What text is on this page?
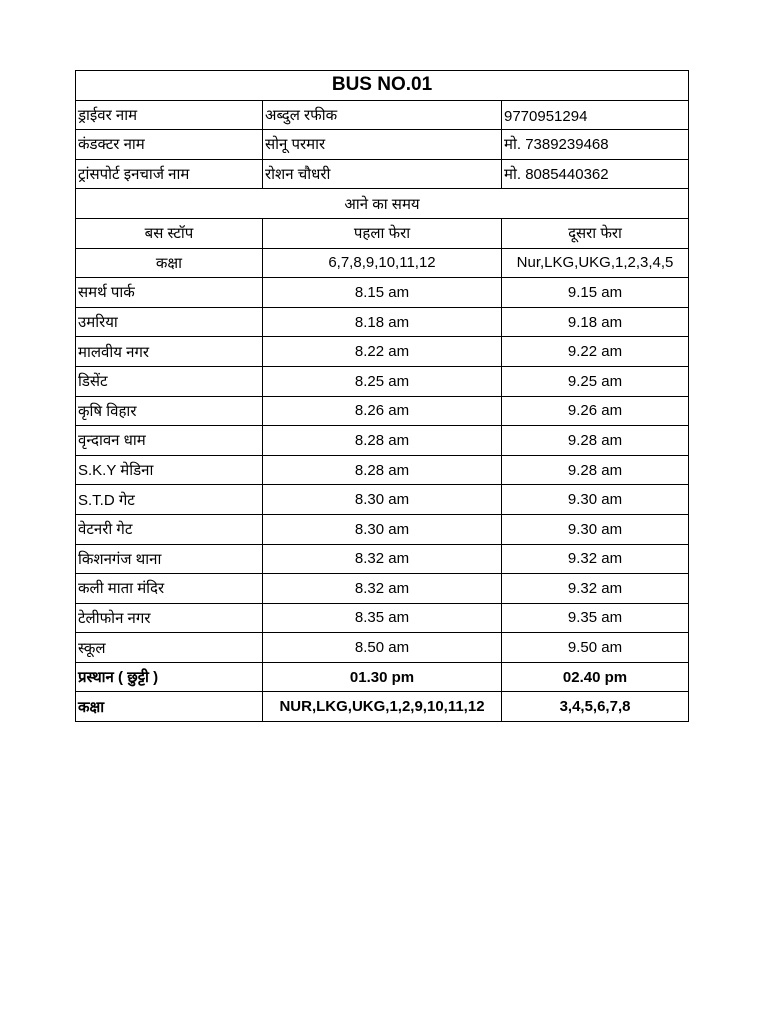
BUS NO.01		
ड्राईवर नाम	अब्दुल रफीक	9770951294
कंडक्टर नाम	सोनू परमार	मो. 7389239468
ट्रांसपोर्ट इनचार्ज नाम	रोशन चौधरी	मो. 8085440362
आने का समय		
बस स्टॉप	पहला फेरा	दूसरा फेरा
कक्षा	6,7,8,9,10,11,12	Nur,LKG,UKG,1,2,3,4,5
समर्थ पार्क	8.15 am	9.15 am
उमरिया	8.18 am	9.18 am
मालवीय नगर	8.22 am	9.22 am
डिसेंट	8.25 am	9.25 am
कृषि विहार	8.26 am	9.26 am
वृन्दावन धाम	8.28 am	9.28 am
S.K.Y मेडिना	8.28 am	9.28 am
S.T.D गेट	8.30 am	9.30 am
वेटनरी गेट	8.30 am	9.30 am
किशनगंज थाना	8.32 am	9.32 am
कली माता मंदिर	8.32 am	9.32 am
टेलीफोन नगर	8.35 am	9.35 am
स्कूल	8.50 am	9.50 am
प्रस्थान ( छुट्टी )	01.30 pm	02.40 pm
कक्षा	NUR,LKG,UKG,1,2,9,10,11,12	3,4,5,6,7,8
